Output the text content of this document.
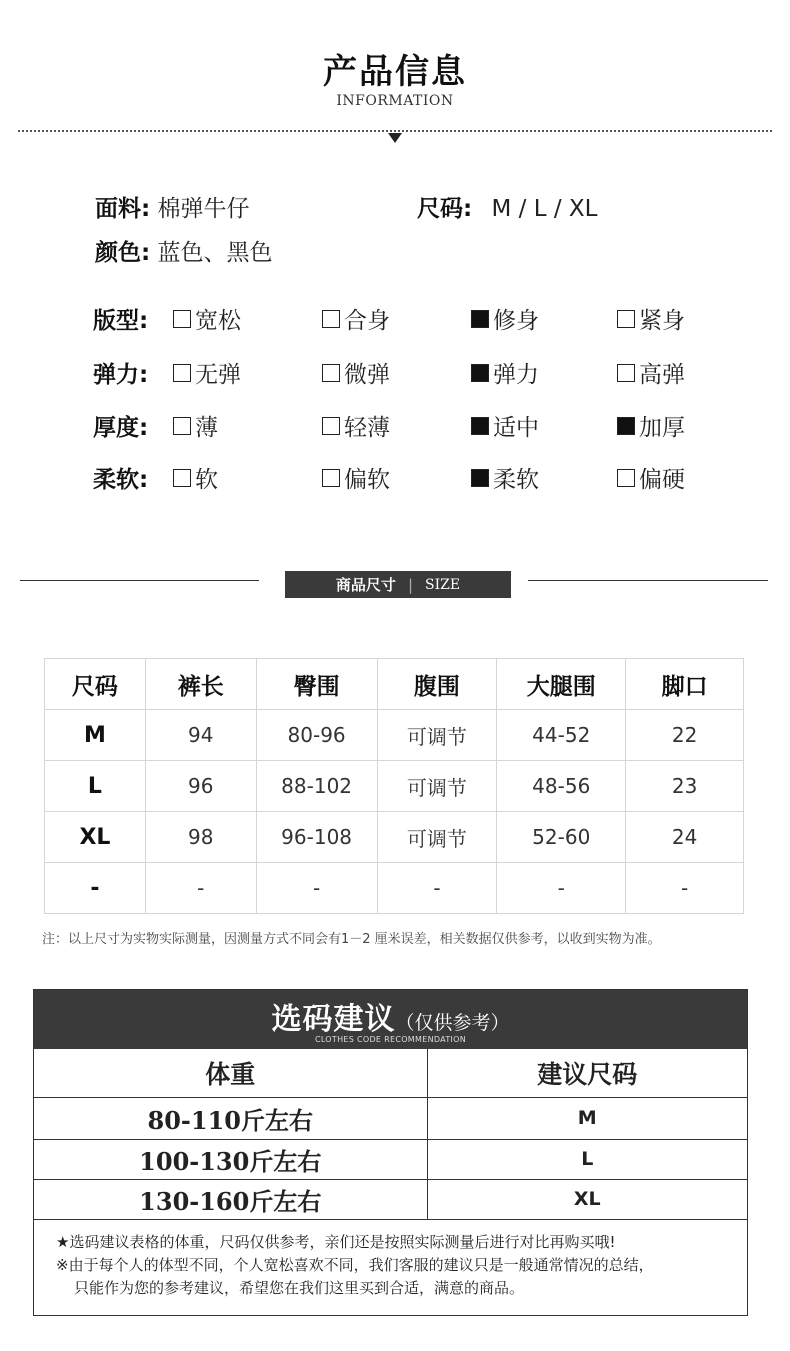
产品信息
INFORMATION
面料: 棉弹牛仔	尺码: M / L / XL
颜色: 蓝色、黑色
版型: 宽松	合身	修身	紧身
弹力: 无弹	微弹	弹力	高弹
厚度: 薄	轻薄	适中	加厚
柔软: 软	偏软	柔软	偏硬
商品尺寸 | SIZE
尺码	裤长	臀围	腹围	大腿围	脚口
M	94	80-96	可调节	44-52	22
L	96	88-102	可调节	48-56	23
XL	98	96-108	可调节	52-60	24
-	-	-	-	-	-
注：以上尺寸为实物实际测量，因测量方式不同会有1－2 厘米误差，相关数据仅供参考，以收到实物为准。
选码建议（仅供参考）
CLOTHES CODE RECOMMENDATION
体重	建议尺码
80-110斤左右	M
100-130斤左右	L
130-160斤左右	XL
★选码建议表格的体重，尺码仅供参考，亲们还是按照实际测量后进行对比再购买哦!
※由于每个人的体型不同，个人宽松喜欢不同，我们客服的建议只是一般通常情况的总结，
只能作为您的参考建议，希望您在我们这里买到合适，满意的商品。
